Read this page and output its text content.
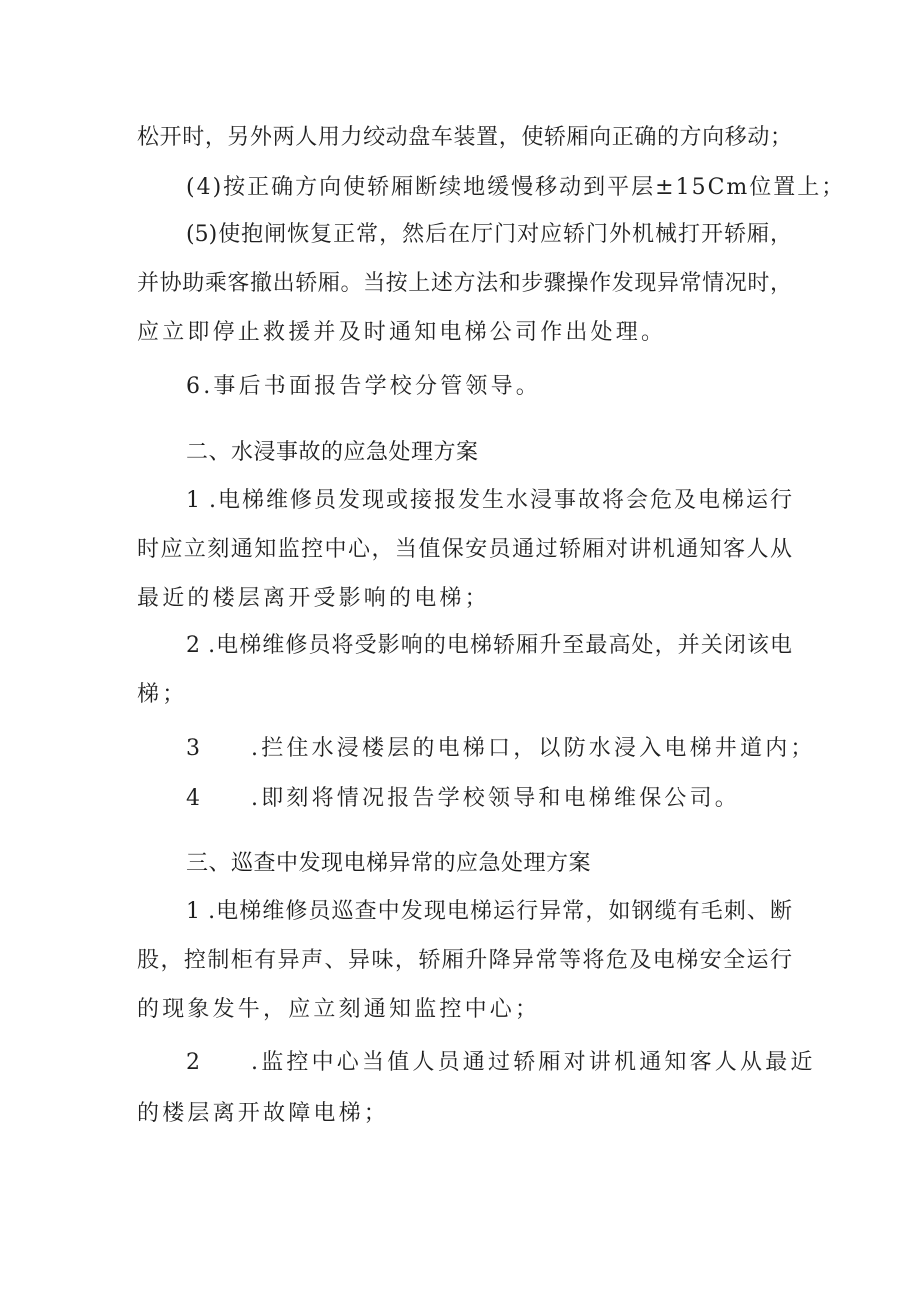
松开时，另外两人用力绞动盘车装置，使轿厢向正确的方向移动；
(4)按正确方向使轿厢断续地缓慢移动到平层±15Cm位置上；
(5)使抱闸恢复正常，然后在厅门对应轿门外机械打开轿厢，
并协助乘客撤出轿厢。当按上述方法和步骤操作发现异常情况时，
应立即停止救援并及时通知电梯公司作出处理。
6.事后书面报告学校分管领导。
二、水浸事故的应急处理方案
1 .电梯维修员发现或接报发生水浸事故将会危及电梯运行
时应立刻通知监控中心，当值保安员通过轿厢对讲机通知客人从
最近的楼层离开受影响的电梯；
2 .电梯维修员将受影响的电梯轿厢升至最高处，并关闭该电
梯；
3 .拦住水浸楼层的电梯口，以防水浸入电梯井道内；
4 .即刻将情况报告学校领导和电梯维保公司。
三、巡查中发现电梯异常的应急处理方案
1 .电梯维修员巡查中发现电梯运行异常，如钢缆有毛刺、断
股，控制柜有异声、异味，轿厢升降异常等将危及电梯安全运行
的现象发牛，应立刻通知监控中心；
2 .监控中心当值人员通过轿厢对讲机通知客人从最近
的楼层离开故障电梯；
